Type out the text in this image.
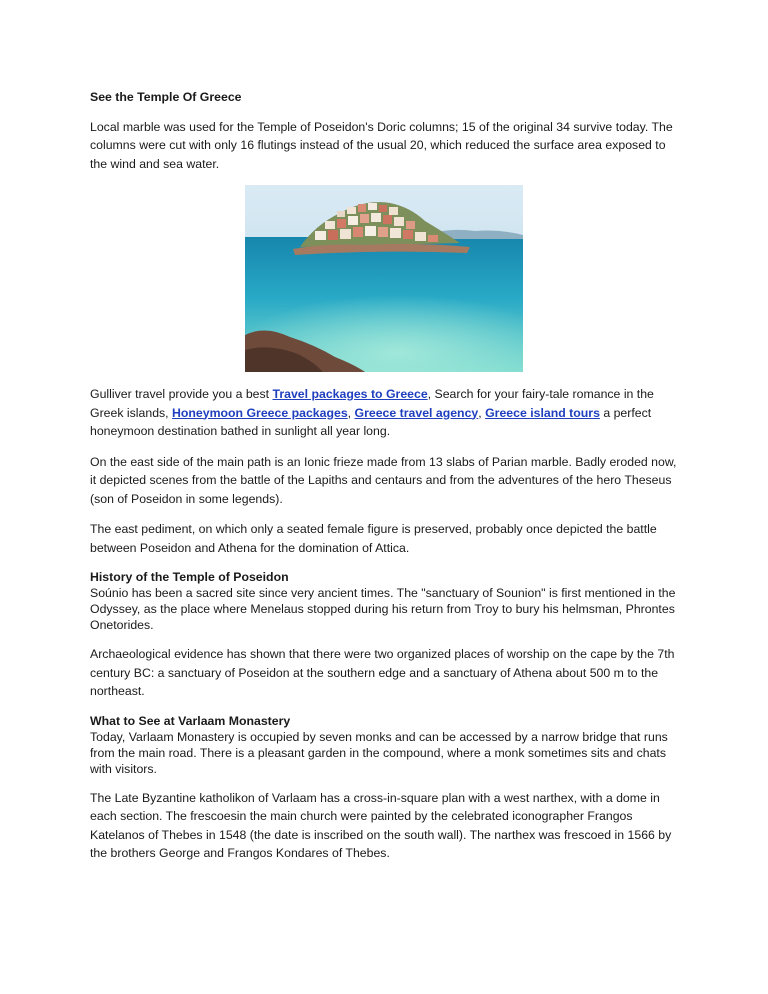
See the Temple Of Greece

Local marble was used for the Temple of Poseidon's Doric columns; 15 of the original 34 survive today. The columns were cut with only 16 flutings instead of the usual 20, which reduced the surface area exposed to the wind and sea water.

Gulliver travel provide you a best Travel packages to Greece, Search for your fairy-tale romance in the Greek islands, Honeymoon Greece packages, Greece travel agency, Greece island tours a perfect honeymoon destination bathed in sunlight all year long.

On the east side of the main path is an Ionic frieze made from 13 slabs of Parian marble. Badly eroded now, it depicted scenes from the battle of the Lapiths and centaurs and from the adventures of the hero Theseus (son of Poseidon in some legends).

The east pediment, on which only a seated female figure is preserved, probably once depicted the battle between Poseidon and Athena for the domination of Attica.

History of the Temple of Poseidon

Soúnio has been a sacred site since very ancient times. The "sanctuary of Sounion" is first mentioned in the Odyssey, as the place where Menelaus stopped during his return from Troy to bury his helmsman, Phrontes Onetorides.

Archaeological evidence has shown that there were two organized places of worship on the cape by the 7th century BC: a sanctuary of Poseidon at the southern edge and a sanctuary of Athena about 500 m to the northeast.

What to See at Varlaam Monastery

Today, Varlaam Monastery is occupied by seven monks and can be accessed by a narrow bridge that runs from the main road. There is a pleasant garden in the compound, where a monk sometimes sits and chats with visitors.

The Late Byzantine katholikon of Varlaam has a cross-in-square plan with a west narthex, with a dome in each section. The frescoesin the main church were painted by the celebrated iconographer Frangos Katelanos of Thebes in 1548 (the date is inscribed on the south wall). The narthex was frescoed in 1566 by the brothers George and Frangos Kondares of Thebes.
